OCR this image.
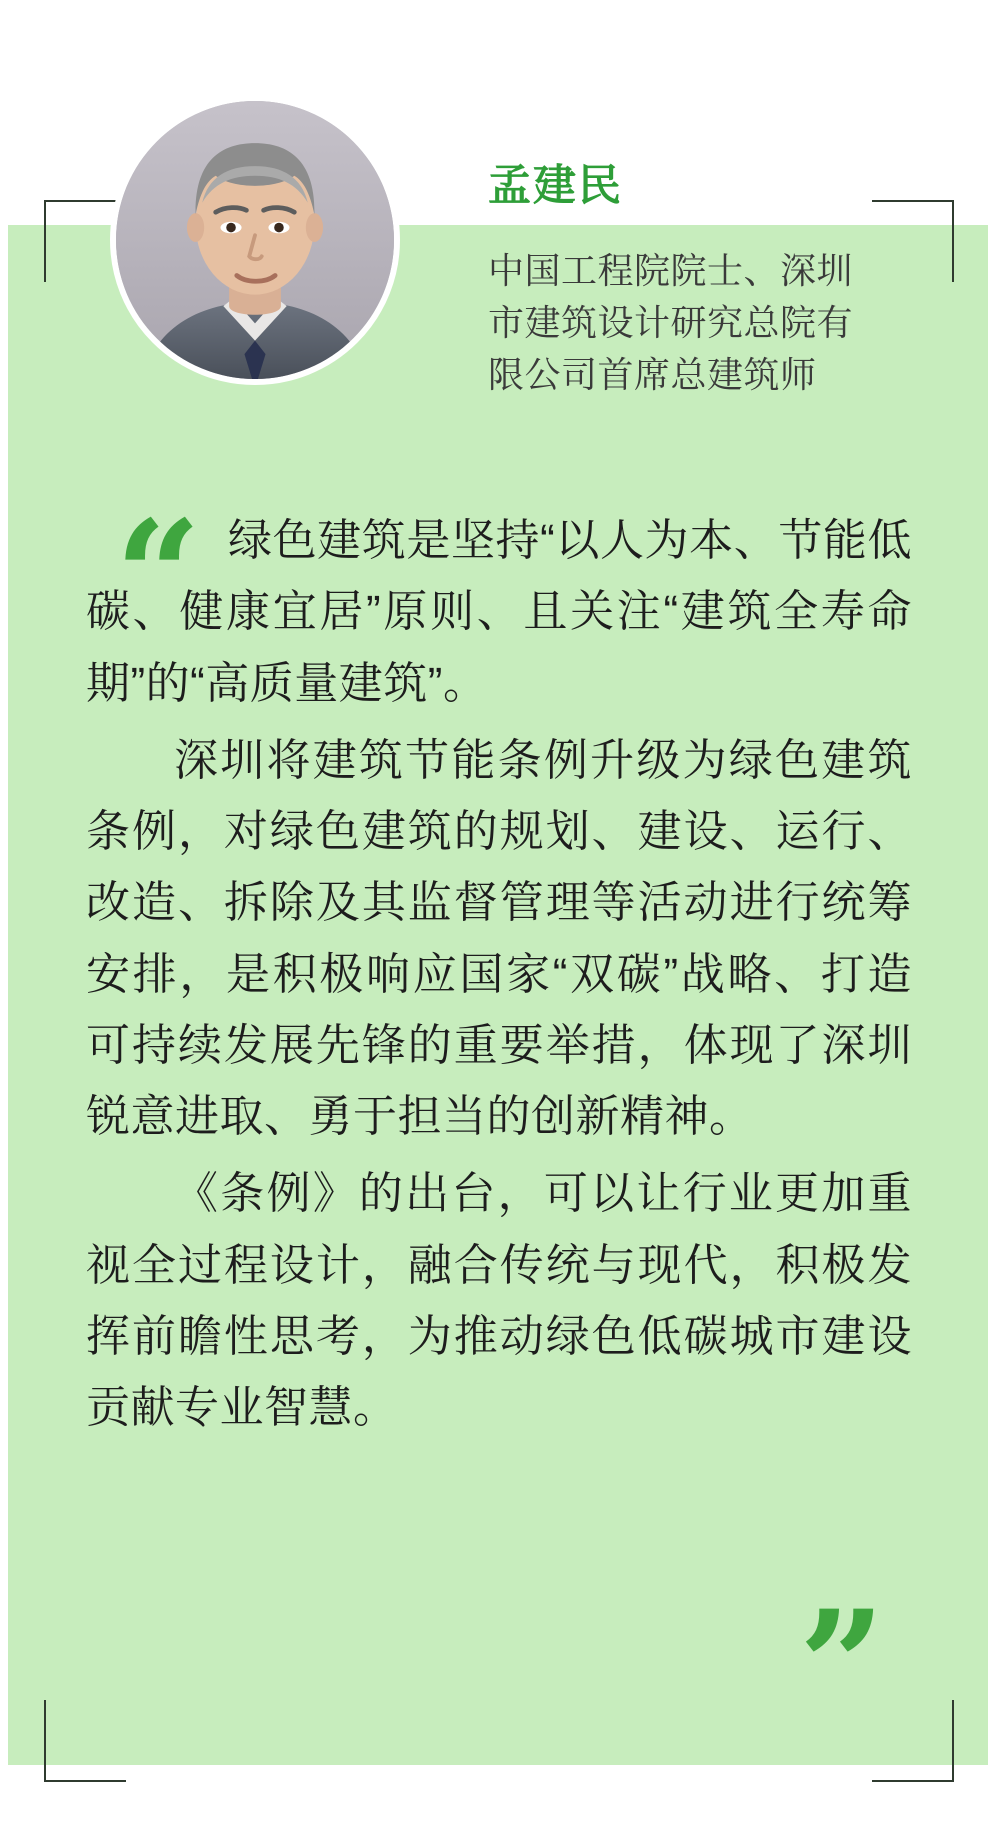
孟建民
中国工程院院士、深圳市建筑设计研究总院有限公司首席总建筑师
“ 绿色建筑是坚持“以人为本、节能低碳、健康宜居”原则、且关注“建筑全寿命期”的“高质量建筑”。

深圳将建筑节能条例升级为绿色建筑条例，对绿色建筑的规划、建设、运行、改造、拆除及其监督管理等活动进行统筹安排，是积极响应国家“双碳”战略、打造可持续发展先锋的重要举措，体现了深圳锐意进取、勇于担当的创新精神。

《条例》的出台，可以让行业更加重视全过程设计，融合传统与现代，积极发挥前瞻性思考，为推动绿色低碳城市建设贡献专业智慧。

”
